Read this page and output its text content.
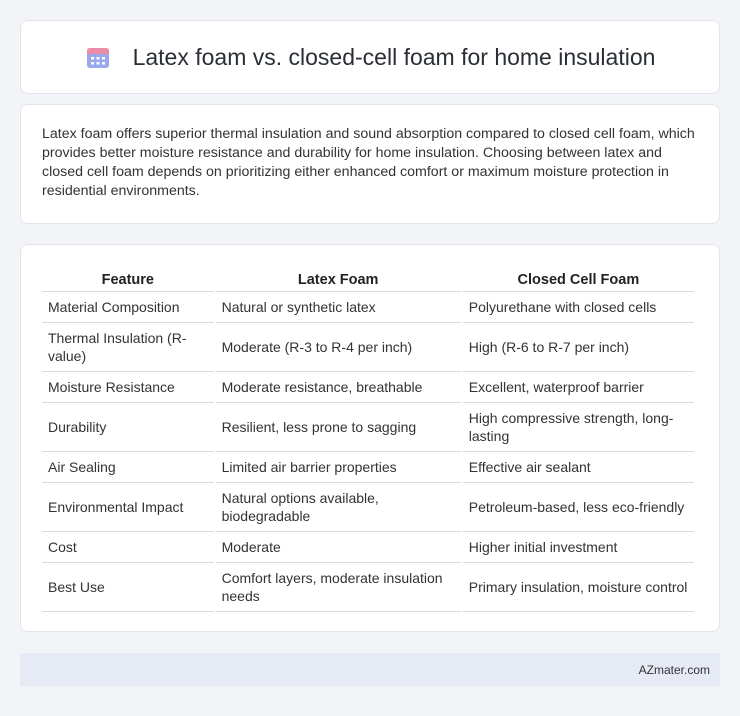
Latex foam vs. closed-cell foam for home insulation

Latex foam offers superior thermal insulation and sound absorption compared to closed cell foam, which provides better moisture resistance and durability for home insulation. Choosing between latex and closed cell foam depends on prioritizing either enhanced comfort or maximum moisture protection in residential environments.

Feature	Latex Foam	Closed Cell Foam
Material Composition	Natural or synthetic latex	Polyurethane with closed cells
Thermal Insulation (R-value)	Moderate (R-3 to R-4 per inch)	High (R-6 to R-7 per inch)
Moisture Resistance	Moderate resistance, breathable	Excellent, waterproof barrier
Durability	Resilient, less prone to sagging	High compressive strength, long-lasting
Air Sealing	Limited air barrier properties	Effective air sealant
Environmental Impact	Natural options available, biodegradable	Petroleum-based, less eco-friendly
Cost	Moderate	Higher initial investment
Best Use	Comfort layers, moderate insulation needs	Primary insulation, moisture control
AZmater.com
